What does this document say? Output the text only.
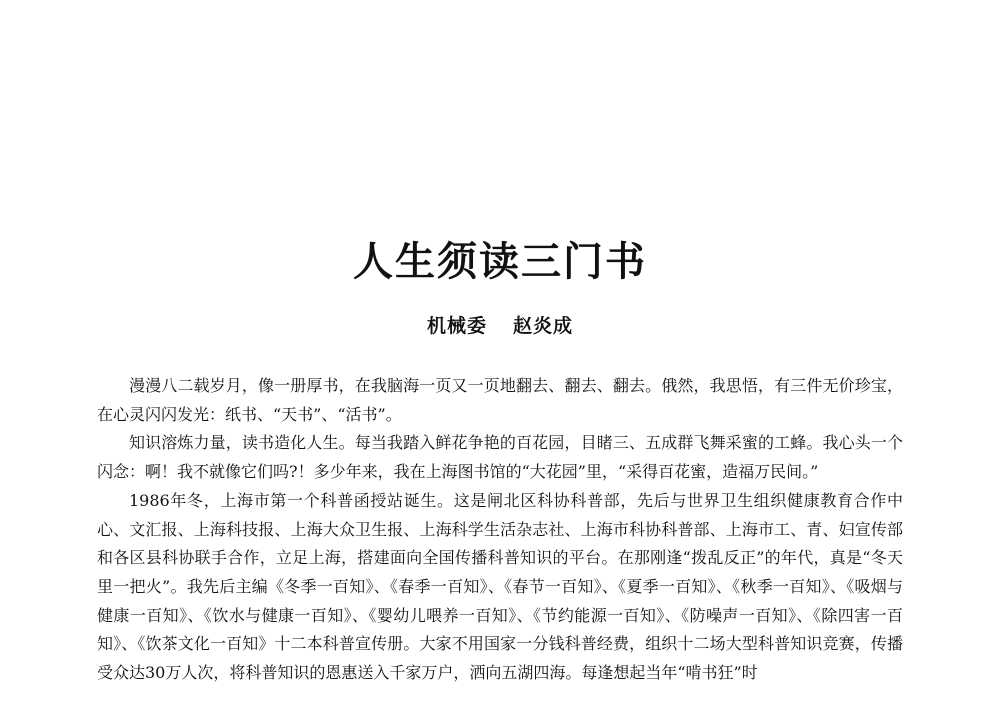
人生须读三门书
机械委 赵炎成

漫漫八二载岁月，像一册厚书，在我脑海一页又一页地翻去、翻去、翻去。俄然，我思悟，有三件无价珍宝，在心灵闪闪发光：纸书、“天书”、“活书”。

知识溶炼力量，读书造化人生。每当我踏入鲜花争艳的百花园，目睹三、五成群飞舞采蜜的工蜂。我心头一个闪念：啊！我不就像它们吗?！多少年来，我在上海图书馆的“大花园”里，“采得百花蜜，造福万民间。”

1986年冬，上海市第一个科普函授站诞生。这是闸北区科协科普部，先后与世界卫生组织健康教育合作中心、文汇报、上海科技报、上海大众卫生报、上海科学生活杂志社、上海市科协科普部、上海市工、青、妇宣传部和各区县科协联手合作，立足上海，搭建面向全国传播科普知识的平台。在那刚逢“拨乱反正”的年代，真是“冬天里一把火”。我先后主编《冬季一百知》、《春季一百知》、《春节一百知》、《夏季一百知》、《秋季一百知》、《吸烟与健康一百知》、《饮水与健康一百知》、《婴幼儿喂养一百知》、《节约能源一百知》、《防噪声一百知》、《除四害一百知》、《饮茶文化一百知》十二本科普宣传册。大家不用国家一分钱科普经费，组织十二场大型科普知识竞赛，传播受众达30万人次，将科普知识的恩惠送入千家万户，洒向五湖四海。每逢想起当年“啃书狂”时
